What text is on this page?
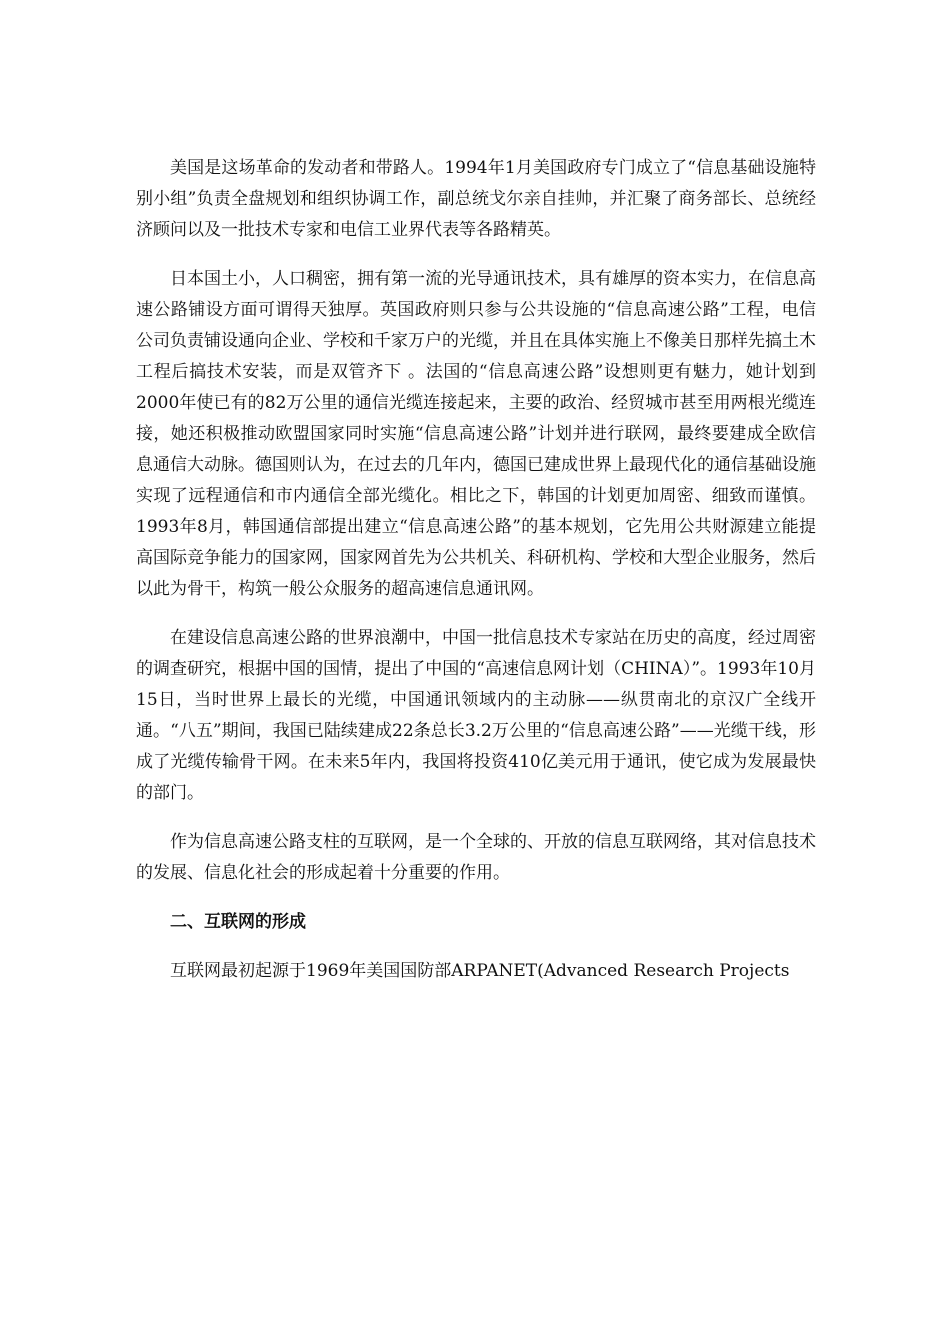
美国是这场革命的发动者和带路人。1994年1月美国政府专门成立了“信息基础设施特别小组”负责全盘规划和组织协调工作，副总统戈尔亲自挂帅，并汇聚了商务部长、总统经济顾问以及一批技术专家和电信工业界代表等各路精英。

日本国土小，人口稠密，拥有第一流的光导通讯技术，具有雄厚的资本实力，在信息高速公路铺设方面可谓得天独厚。英国政府则只参与公共设施的“信息高速公路”工程，电信公司负责铺设通向企业、学校和千家万户的光缆，并且在具体实施上不像美日那样先搞土木工程后搞技术安装，而是双管齐下 。法国的“信息高速公路”设想则更有魅力，她计划到2000年使已有的82万公里的通信光缆连接起来，主要的政治、经贸城市甚至用两根光缆连接，她还积极推动欧盟国家同时实施“信息高速公路”计划并进行联网，最终要建成全欧信息通信大动脉。德国则认为，在过去的几年内，德国已建成世界上最现代化的通信基础设施实现了远程通信和市内通信全部光缆化。相比之下，韩国的计划更加周密、细致而谨慎。1993年8月，韩国通信部提出建立“信息高速公路”的基本规划，它先用公共财源建立能提高国际竞争能力的国家网，国家网首先为公共机关、科研机构、学校和大型企业服务，然后以此为骨干，构筑一般公众服务的超高速信息通讯网。

在建设信息高速公路的世界浪潮中，中国一批信息技术专家站在历史的高度，经过周密的调查研究，根据中国的国情，提出了中国的“高速信息网计划（CHINA）”。1993年10月15日，当时世界上最长的光缆，中国通讯领域内的主动脉——纵贯南北的京汉广全线开通。“八五”期间，我国已陆续建成22条总长3.2万公里的“信息高速公路”——光缆干线，形成了光缆传输骨干网。在未来5年内，我国将投资410亿美元用于通讯，使它成为发展最快的部门。

作为信息高速公路支柱的互联网，是一个全球的、开放的信息互联网络，其对信息技术的发展、信息化社会的形成起着十分重要的作用。

二、互联网的形成

互联网最初起源于1969年美国国防部ARPANET(Advanced Research Projects
